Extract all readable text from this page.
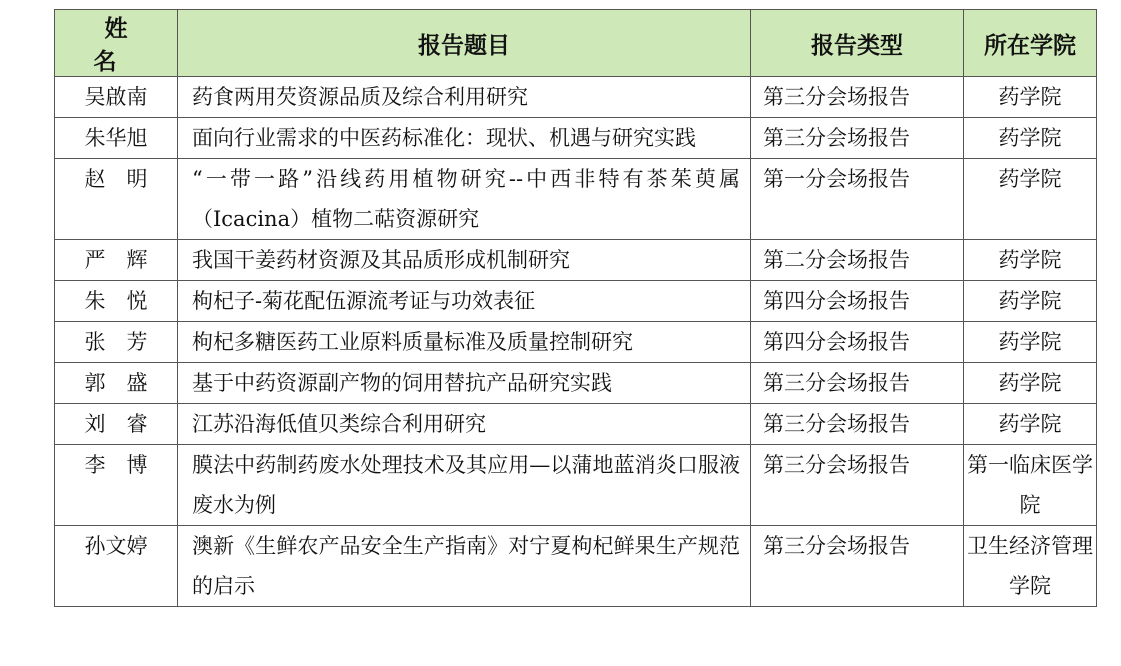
姓 名	报告题目	报告类型	所在学院
吴啟南	药食两用芡资源品质及综合利用研究	第三分会场报告	药学院
朱华旭	面向行业需求的中医药标准化：现状、机遇与研究实践	第三分会场报告	药学院
赵　明	“一带一路”沿线药用植物研究--中西非特有茶茱萸属（Icacina）植物二萜资源研究	第一分会场报告	药学院
严　辉	我国干姜药材资源及其品质形成机制研究	第二分会场报告	药学院
朱　悦	枸杞子-菊花配伍源流考证与功效表征	第四分会场报告	药学院
张　芳	枸杞多糖医药工业原料质量标准及质量控制研究	第四分会场报告	药学院
郭　盛	基于中药资源副产物的饲用替抗产品研究实践	第三分会场报告	药学院
刘　睿	江苏沿海低值贝类综合利用研究	第三分会场报告	药学院
李　博	膜法中药制药废水处理技术及其应用—以蒲地蓝消炎口服液废水为例	第三分会场报告	第一临床医学院
孙文婷	澳新《生鲜农产品安全生产指南》对宁夏枸杞鲜果生产规范的启示	第三分会场报告	卫生经济管理学院
